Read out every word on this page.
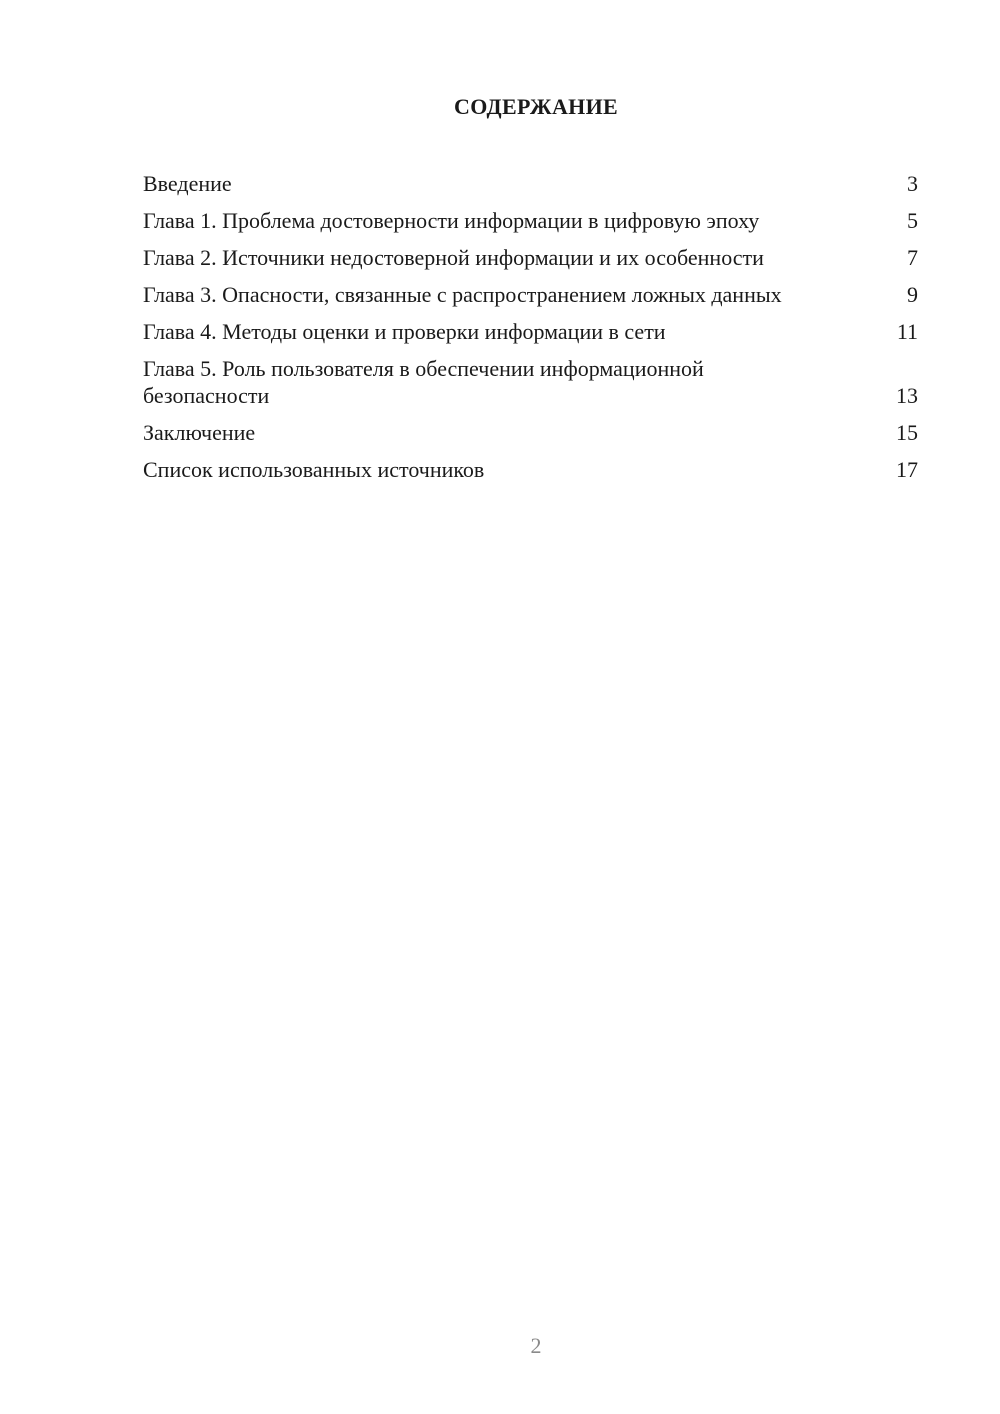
СОДЕРЖАНИЕ
Введение	3
Глава 1. Проблема достоверности информации в цифровую эпоху	5
Глава 2. Источники недостоверной информации и их особенности	7
Глава 3. Опасности, связанные с распространением ложных данных	9
Глава 4. Методы оценки и проверки информации в сети	11
Глава 5. Роль пользователя в обеспечении информационной безопасности	13
Заключение	15
Список использованных источников	17
2
